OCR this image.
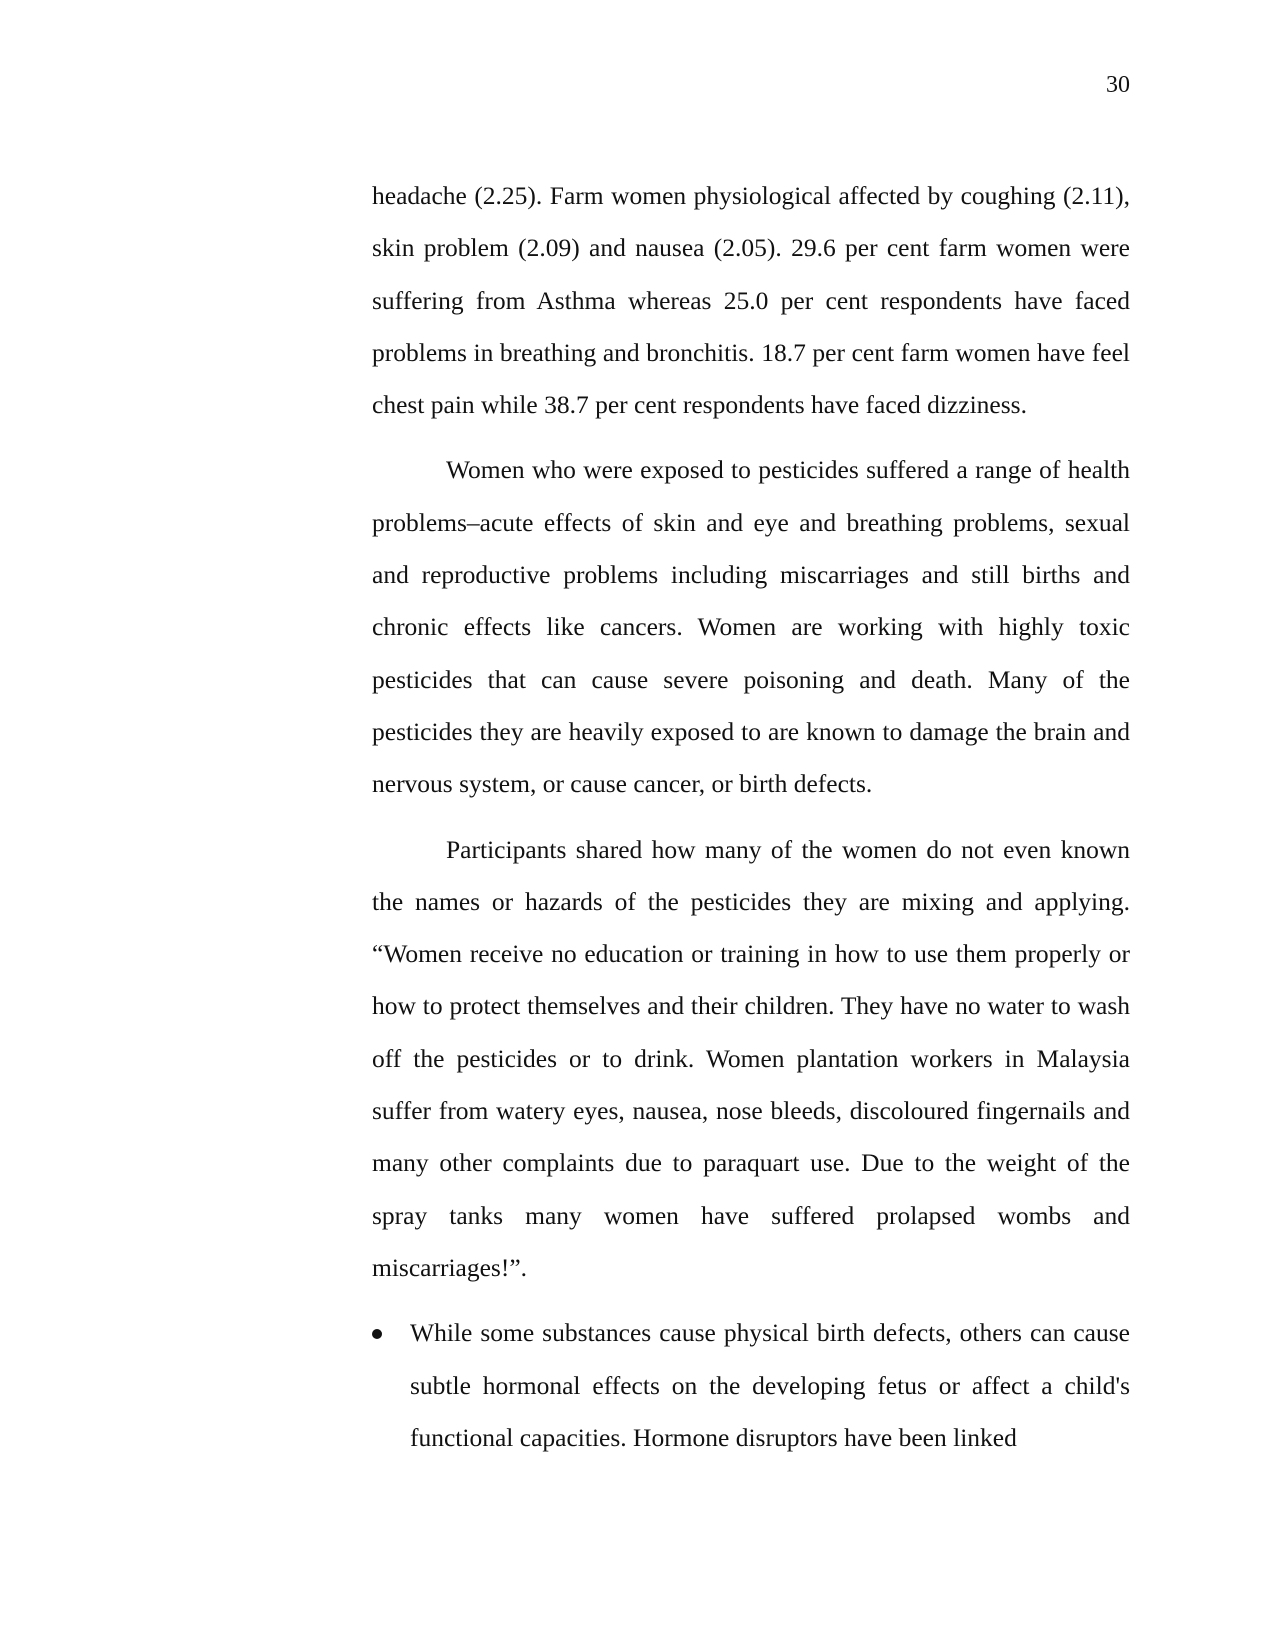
30

headache (2.25). Farm women physiological affected by coughing (2.11), skin problem (2.09) and nausea (2.05). 29.6 per cent farm women were suffering from Asthma whereas 25.0 per cent respondents have faced problems in breathing and bronchitis. 18.7 per cent farm women have feel chest pain while 38.7 per cent respondents have faced dizziness.

Women who were exposed to pesticides suffered a range of health problems–acute effects of skin and eye and breathing problems, sexual and reproductive problems including miscarriages and still births and chronic effects like cancers. Women are working with highly toxic pesticides that can cause severe poisoning and death. Many of the pesticides they are heavily exposed to are known to damage the brain and nervous system, or cause cancer, or birth defects.

Participants shared how many of the women do not even known the names or hazards of the pesticides they are mixing and applying. “Women receive no education or training in how to use them properly or how to protect themselves and their children. They have no water to wash off the pesticides or to drink. Women plantation workers in Malaysia suffer from watery eyes, nausea, nose bleeds, discoloured fingernails and many other complaints due to paraquart use. Due to the weight of the spray tanks many women have suffered prolapsed wombs and miscarriages!”.

While some substances cause physical birth defects, others can cause subtle hormonal effects on the developing fetus or affect a child's functional capacities. Hormone disruptors have been linked
